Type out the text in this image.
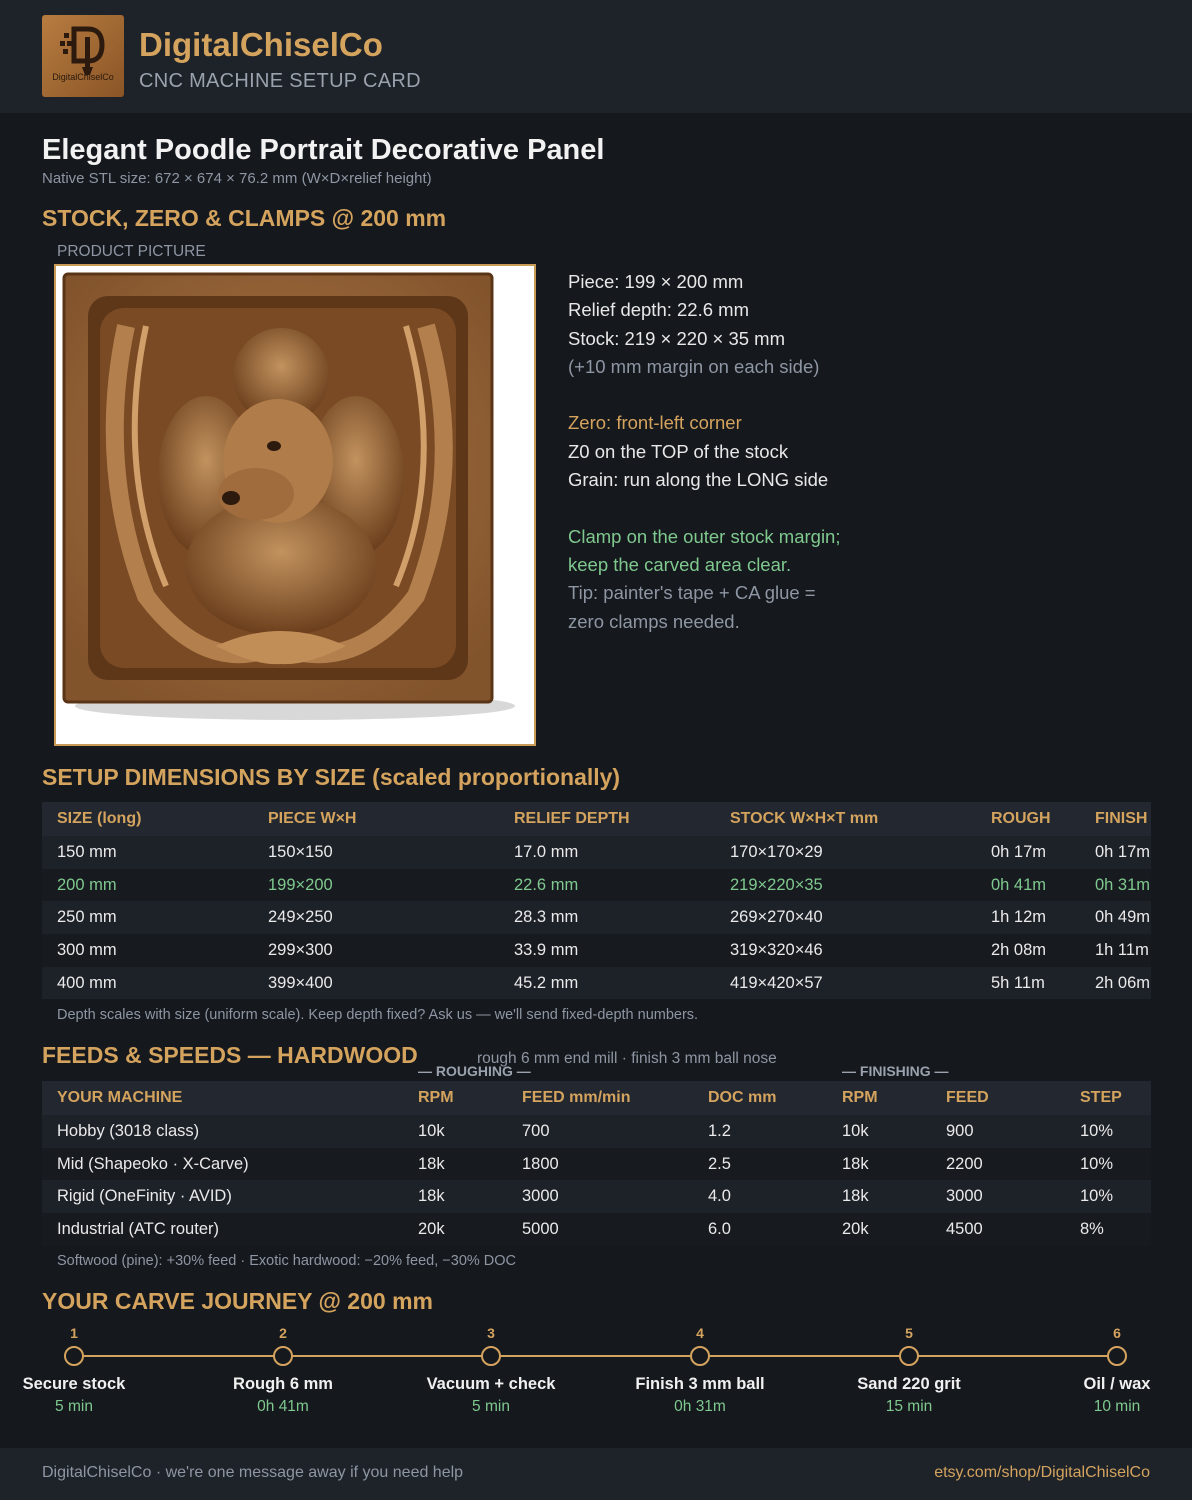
DigitalChiselCo
DigitalChiselCo
CNC MACHINE SETUP CARD
Elegant Poodle Portrait Decorative Panel
Native STL size: 672 × 674 × 76.2 mm (W×D×relief height)
STOCK, ZERO & CLAMPS @ 200 mm
PRODUCT PICTURE
Piece: 199 × 200 mm
Relief depth: 22.6 mm
Stock: 219 × 220 × 35 mm
(+10 mm margin on each side)
Zero: front-left corner
Z0 on the TOP of the stock
Grain: run along the LONG side
Clamp on the outer stock margin;
keep the carved area clear.
Tip: painter's tape + CA glue =
zero clamps needed.
SETUP DIMENSIONS BY SIZE (scaled proportionally)
SIZE (long)	PIECE W×H	RELIEF DEPTH	STOCK W×H×T mm	ROUGH	FINISH
150 mm	150×150	17.0 mm	170×170×29	0h 17m	0h 17m
200 mm	199×200	22.6 mm	219×220×35	0h 41m	0h 31m
250 mm	249×250	28.3 mm	269×270×40	1h 12m	0h 49m
300 mm	299×300	33.9 mm	319×320×46	2h 08m	1h 11m
400 mm	399×400	45.2 mm	419×420×57	5h 11m	2h 06m
Depth scales with size (uniform scale). Keep depth fixed? Ask us — we'll send fixed-depth numbers.
FEEDS & SPEEDS — HARDWOOD	rough 6 mm end mill · finish 3 mm ball nose
— ROUGHING —	— FINISHING —
YOUR MACHINE	RPM	FEED mm/min	DOC mm	RPM	FEED	STEP
Hobby (3018 class)	10k	700	1.2	10k	900	10%
Mid (Shapeoko · X-Carve)	18k	1800	2.5	18k	2200	10%
Rigid (OneFinity · AVID)	18k	3000	4.0	18k	3000	10%
Industrial (ATC router)	20k	5000	6.0	20k	4500	8%
Softwood (pine): +30% feed · Exotic hardwood: −20% feed, −30% DOC
YOUR CARVE JOURNEY @ 200 mm
1
Secure stock
5 min
2
Rough 6 mm
0h 41m
3
Vacuum + check
5 min
4
Finish 3 mm ball
0h 31m
5
Sand 220 grit
15 min
6
Oil / wax
10 min
DigitalChiselCo · we're one message away if you need help	etsy.com/shop/DigitalChiselCo
